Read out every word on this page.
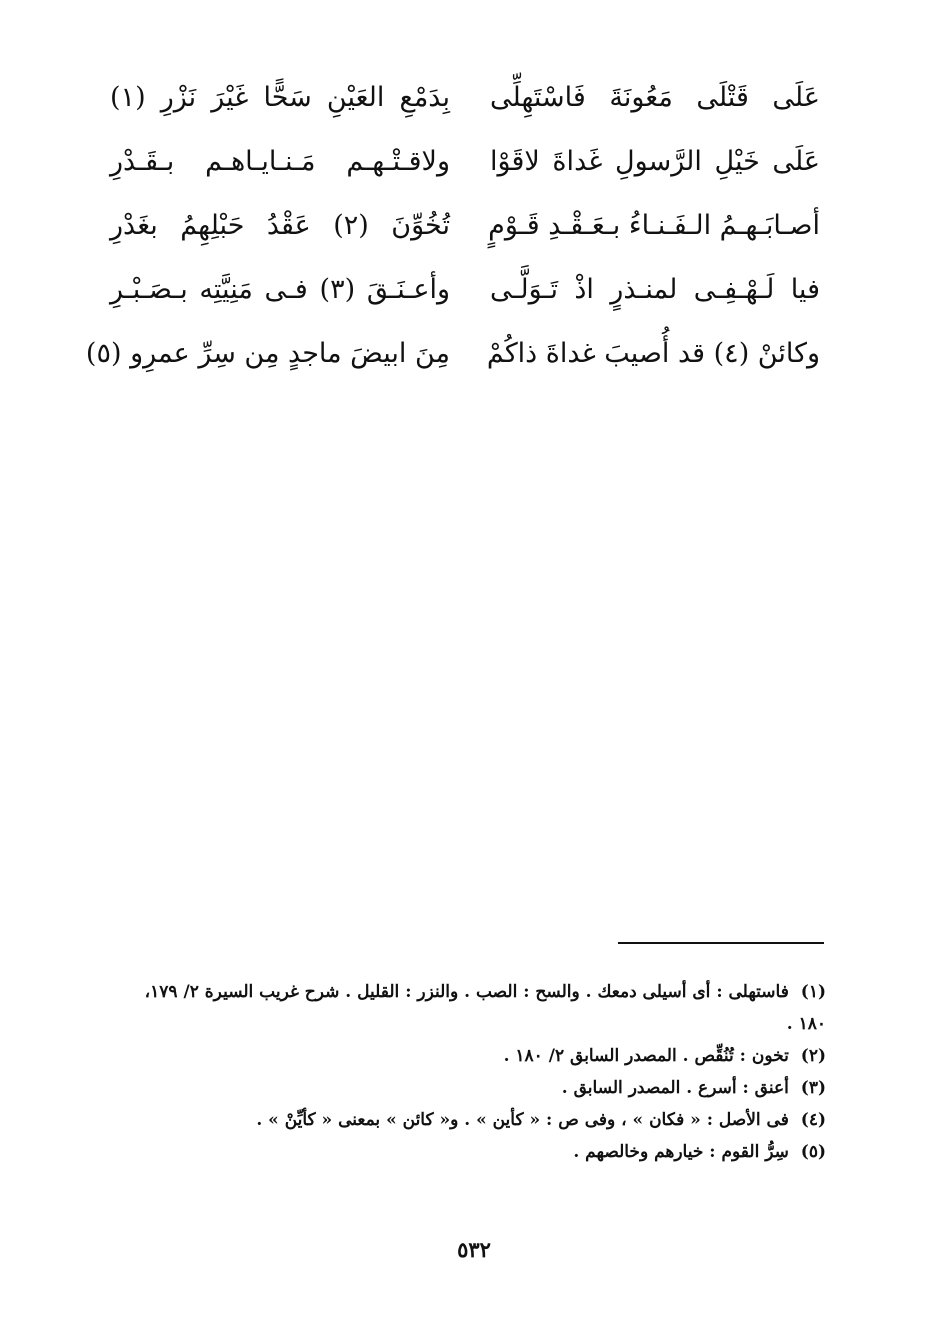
عَلَى قَتْلَى مَعُونَةَ فَاسْتَهِلِّى
بِدَمْعِ العَيْنِ سَحًّا غَيْرَ نَزْرِ (١)
عَلَى خَيْلِ الرَّسولِ غَداةَ لاقَوْا
ولاقـتْـهـم مَـنـايـاهـم بـقَـدْرِ
أصـابَـهـمُ الـفَـنـاءُ بـعَـقْـدِ قَـوْمٍ
تُخُوِّنَ (٢) عَقْدُ حَبْلِهِمُ بغَدْرِ
فيا لَـهْـفِـى لمنـذرٍ اذْ تَـوَلَّـى
وأعـنَـقَ (٣) فـى مَنِيَّتِه بـصَـبْـرِ
وكائنْ (٤) قد أُصيبَ غداةَ ذاكُمْ
مِنَ ابيضَ ماجدٍ مِن سِرِّ عمرِو (٥)
(١) فاستهلى : أى أسيلى دمعك . والسح : الصب . والنزر : القليل . شرح غريب السيرة ٢/ ١٧٩، ١٨٠ .
(٢) تخون : تُنُقِّص . المصدر السابق ٢/ ١٨٠ .
(٣) أعنق : أسرع . المصدر السابق .
(٤) فى الأصل : « فكان » ، وفى ص : « كأين » . و« كائن » بمعنى « كأيِّنْ » .
(٥) سِرُّ القوم : خيارهم وخالصهم .
٥٣٢
